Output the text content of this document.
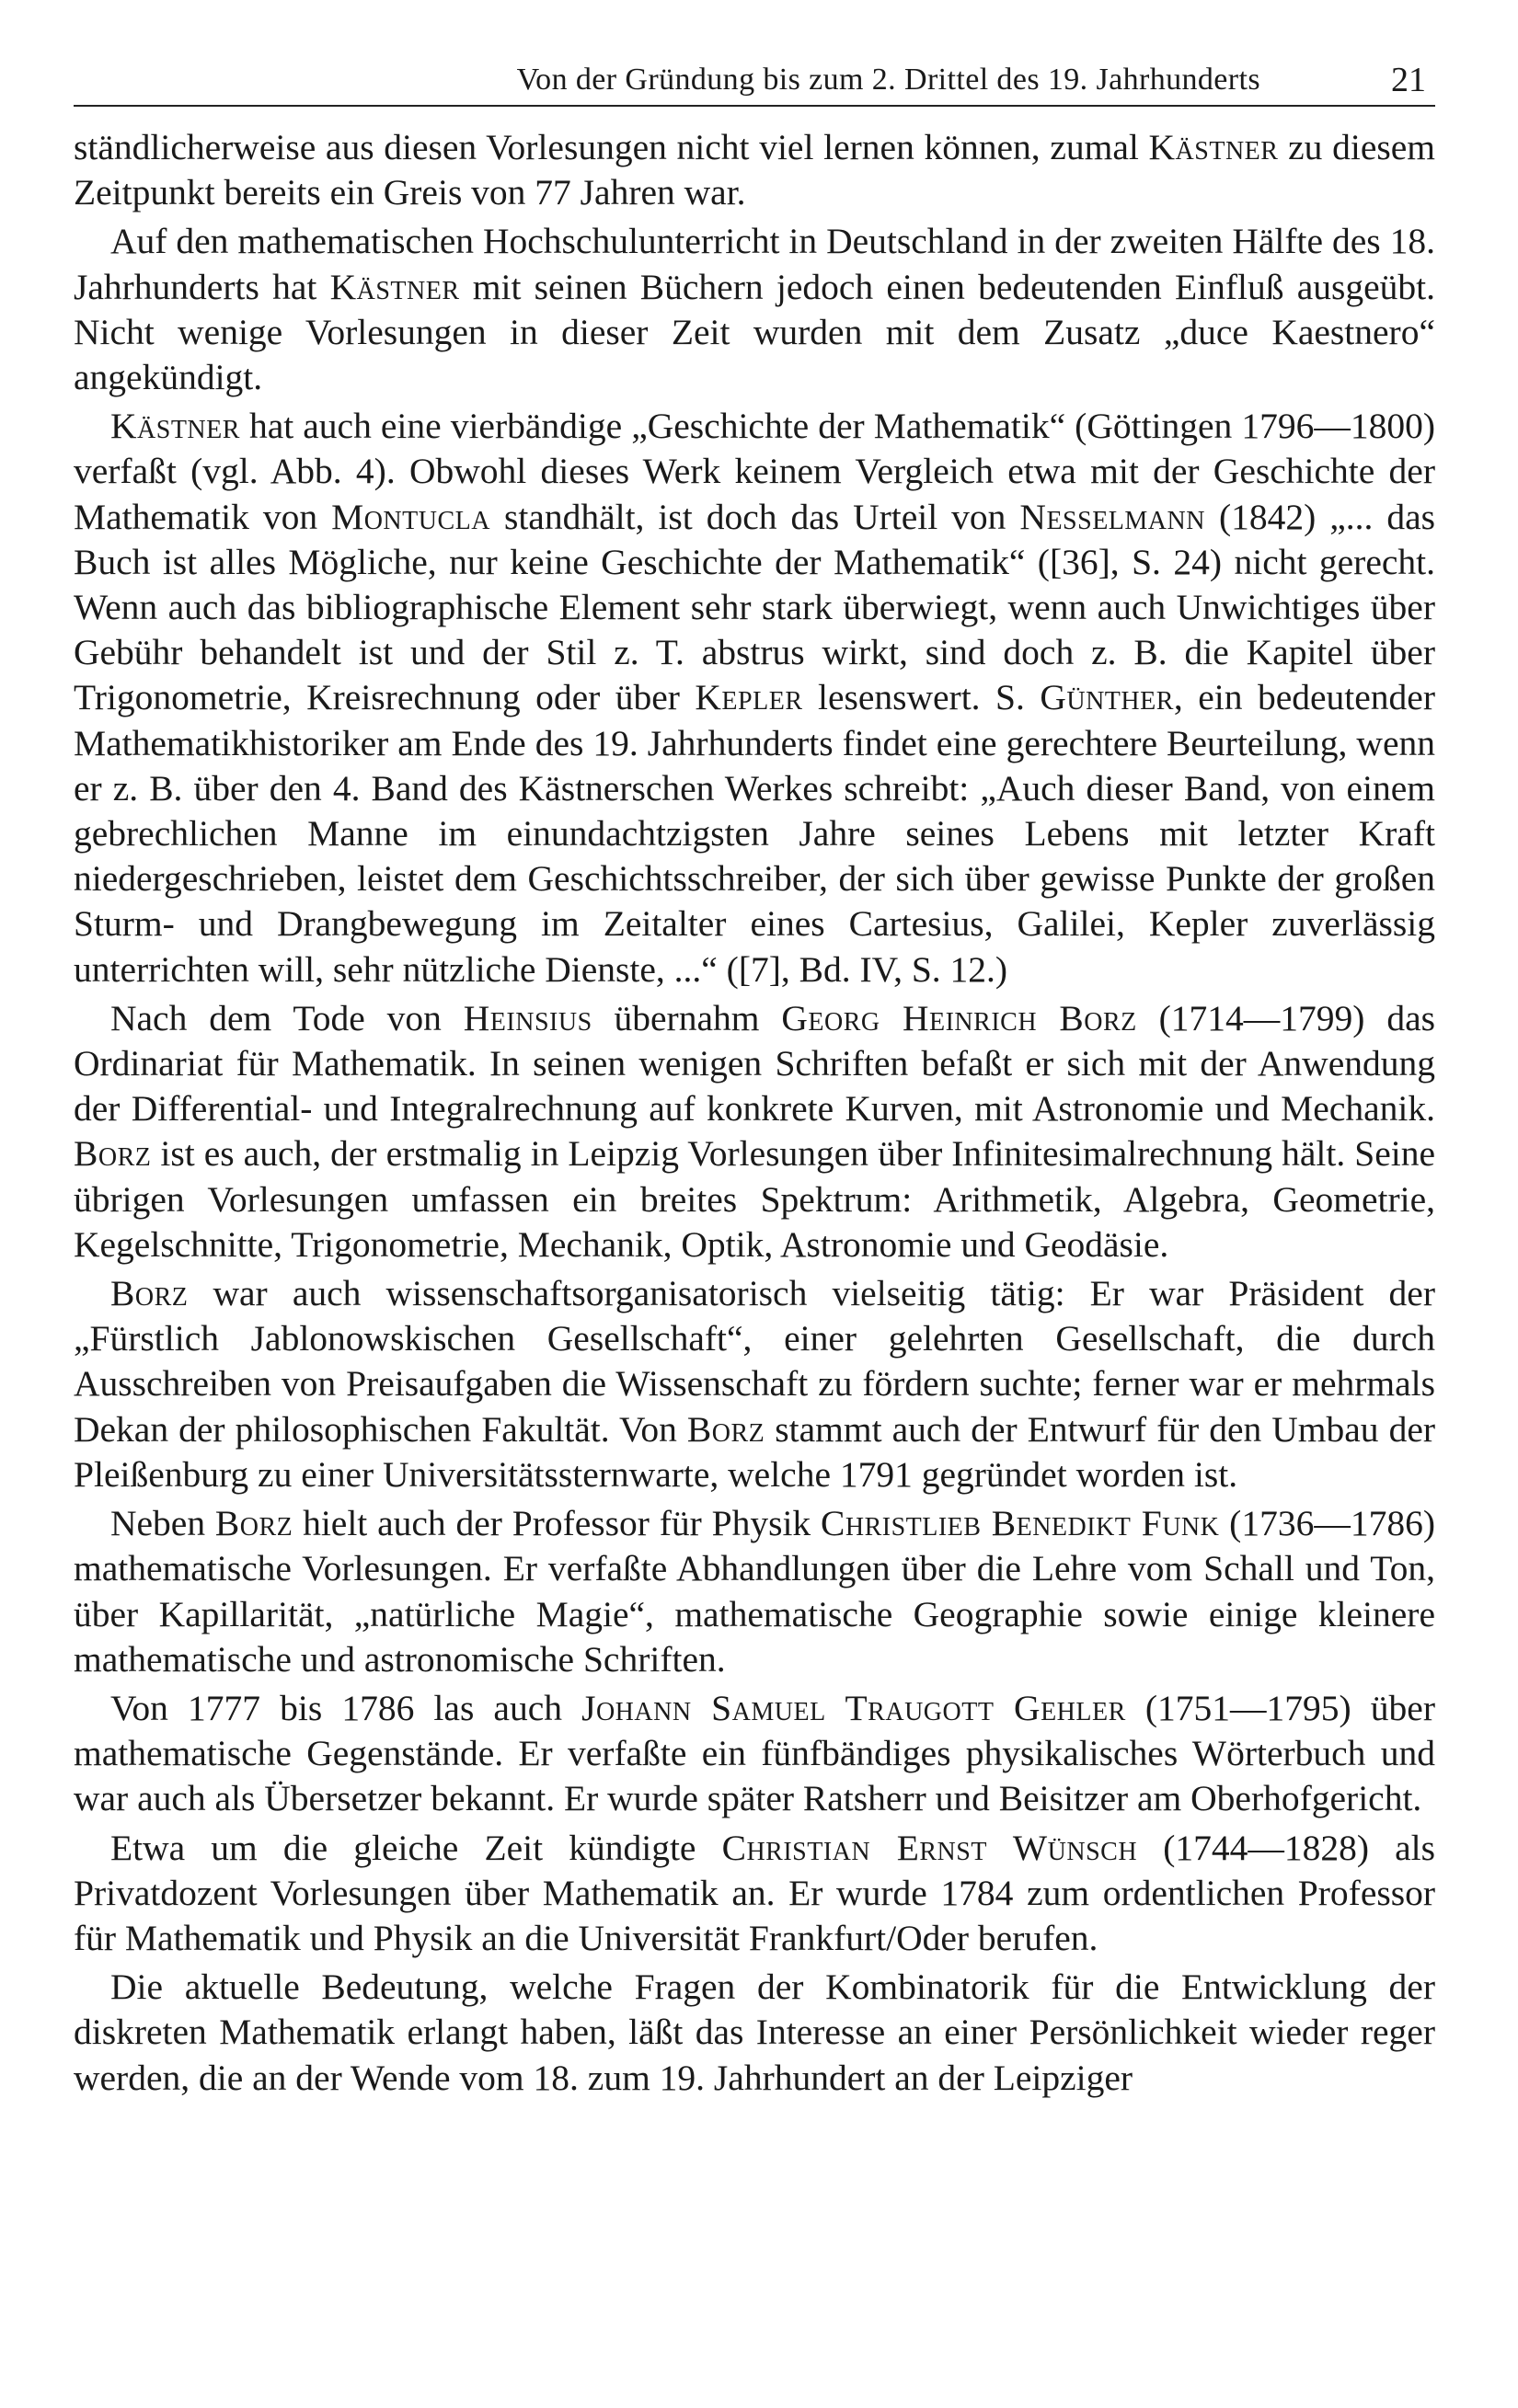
Von der Gründung bis zum 2. Drittel des 19. Jahrhunderts	21

ständlicherweise aus diesen Vorlesungen nicht viel lernen können, zumal Kästner zu diesem Zeitpunkt bereits ein Greis von 77 Jahren war.

Auf den mathematischen Hochschulunterricht in Deutschland in der zweiten Hälfte des 18. Jahrhunderts hat Kästner mit seinen Büchern jedoch einen bedeutenden Einfluß ausgeübt. Nicht wenige Vorlesungen in dieser Zeit wurden mit dem Zusatz „duce Kaestnero“ angekündigt.

Kästner hat auch eine vierbändige „Geschichte der Mathematik“ (Göttingen 1796—1800) verfaßt (vgl. Abb. 4). Obwohl dieses Werk keinem Vergleich etwa mit der Geschichte der Mathematik von Montucla standhält, ist doch das Urteil von Nesselmann (1842) „... das Buch ist alles Mögliche, nur keine Geschichte der Mathematik“ ([36], S. 24) nicht gerecht. Wenn auch das bibliographische Element sehr stark überwiegt, wenn auch Unwichtiges über Gebühr behandelt ist und der Stil z. T. abstrus wirkt, sind doch z. B. die Kapitel über Trigonometrie, Kreisrechnung oder über Kepler lesenswert. S. Günther, ein bedeutender Mathematikhistoriker am Ende des 19. Jahrhunderts findet eine gerechtere Beurteilung, wenn er z. B. über den 4. Band des Kästnerschen Werkes schreibt: „Auch dieser Band, von einem gebrechlichen Manne im einundachtzigsten Jahre seines Lebens mit letzter Kraft niedergeschrieben, leistet dem Geschichtsschreiber, der sich über gewisse Punkte der großen Sturm- und Drangbewegung im Zeitalter eines Cartesius, Galilei, Kepler zuverlässig unterrichten will, sehr nützliche Dienste, ...“ ([7], Bd. IV, S. 12.)

Nach dem Tode von Heinsius übernahm Georg Heinrich Borz (1714—1799) das Ordinariat für Mathematik. In seinen wenigen Schriften befaßt er sich mit der Anwendung der Differential- und Integralrechnung auf konkrete Kurven, mit Astronomie und Mechanik. Borz ist es auch, der erstmalig in Leipzig Vorlesungen über Infinitesimalrechnung hält. Seine übrigen Vorlesungen umfassen ein breites Spektrum: Arithmetik, Algebra, Geometrie, Kegelschnitte, Trigonometrie, Mechanik, Optik, Astronomie und Geodäsie.

Borz war auch wissenschaftsorganisatorisch vielseitig tätig: Er war Präsident der „Fürstlich Jablonowskischen Gesellschaft“, einer gelehrten Gesellschaft, die durch Ausschreiben von Preisaufgaben die Wissenschaft zu fördern suchte; ferner war er mehrmals Dekan der philosophischen Fakultät. Von Borz stammt auch der Entwurf für den Umbau der Pleißenburg zu einer Universitätssternwarte, welche 1791 gegründet worden ist.

Neben Borz hielt auch der Professor für Physik Christlieb Benedikt Funk (1736—1786) mathematische Vorlesungen. Er verfaßte Abhandlungen über die Lehre vom Schall und Ton, über Kapillarität, „natürliche Magie“, mathematische Geographie sowie einige kleinere mathematische und astronomische Schriften.

Von 1777 bis 1786 las auch Johann Samuel Traugott Gehler (1751—1795) über mathematische Gegenstände. Er verfaßte ein fünfbändiges physikalisches Wörterbuch und war auch als Übersetzer bekannt. Er wurde später Ratsherr und Beisitzer am Oberhofgericht.

Etwa um die gleiche Zeit kündigte Christian Ernst Wünsch (1744—1828) als Privatdozent Vorlesungen über Mathematik an. Er wurde 1784 zum ordentlichen Professor für Mathematik und Physik an die Universität Frankfurt/Oder berufen.

Die aktuelle Bedeutung, welche Fragen der Kombinatorik für die Entwicklung der diskreten Mathematik erlangt haben, läßt das Interesse an einer Persönlichkeit wieder reger werden, die an der Wende vom 18. zum 19. Jahrhundert an der Leipziger
